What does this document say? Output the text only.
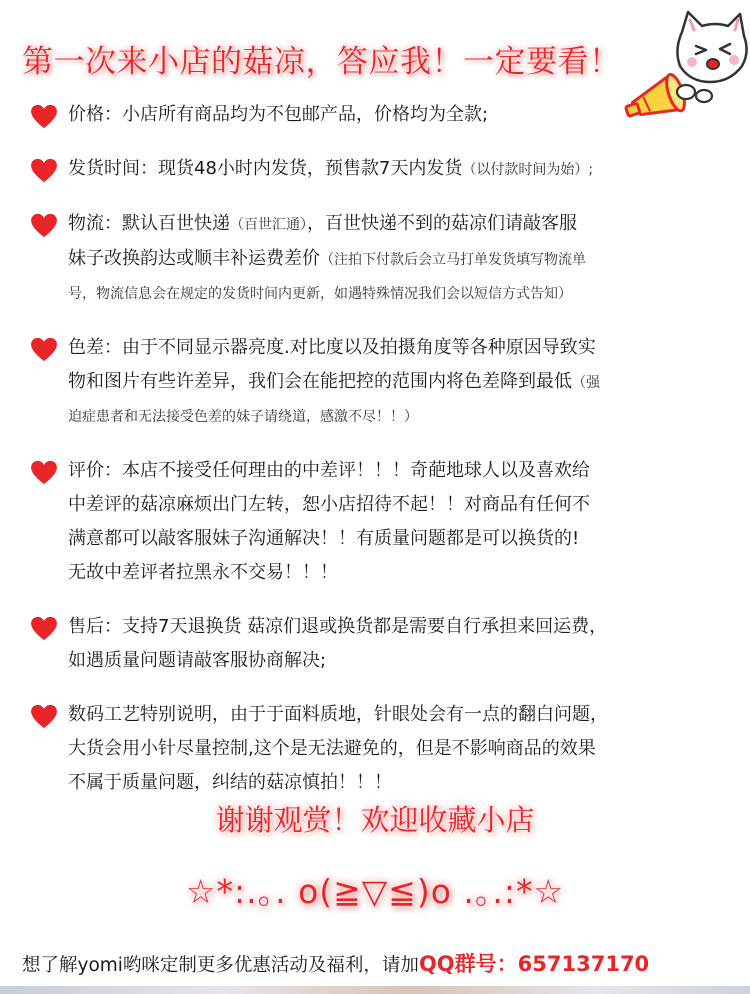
第一次来小店的菇凉，答应我！一定要看！
价格：小店所有商品均为不包邮产品，价格均为全款;
发货时间：现货48小时内发货，预售款7天内发货（以付款时间为始）;
物流：默认百世快递（百世汇通），百世快递不到的菇凉们请敲客服
妹子改换韵达或顺丰补运费差价（注拍下付款后会立马打单发货填写物流单
号，物流信息会在规定的发货时间内更新，如遇特殊情况我们会以短信方式告知）
色差：由于不同显示器亮度.对比度以及拍摄角度等各种原因导致实
物和图片有些许差异，我们会在能把控的范围内将色差降到最低（强
迫症患者和无法接受色差的妹子请绕道，感激不尽！！）
评价：本店不接受任何理由的中差评！！！奇葩地球人以及喜欢给
中差评的菇凉麻烦出门左转，恕小店招待不起！！对商品有任何不
满意都可以敲客服妹子沟通解决！！有质量问题都是可以换货的!
无故中差评者拉黑永不交易！！！
售后：支持7天退换货 菇凉们退或换货都是需要自行承担来回运费，
如遇质量问题请敲客服协商解决;
数码工艺特别说明，由于于面料质地，针眼处会有一点的翻白问题，
大货会用小针尽量控制,这个是无法避免的，但是不影响商品的效果
不属于质量问题，纠结的菇凉慎拍！！！
谢谢观赏！欢迎收藏小店
☆*:.｡. o(≧▽≦)o .｡.:*☆
想了解yomi哟咪定制更多优惠活动及福利，请加QQ群号：657137170
